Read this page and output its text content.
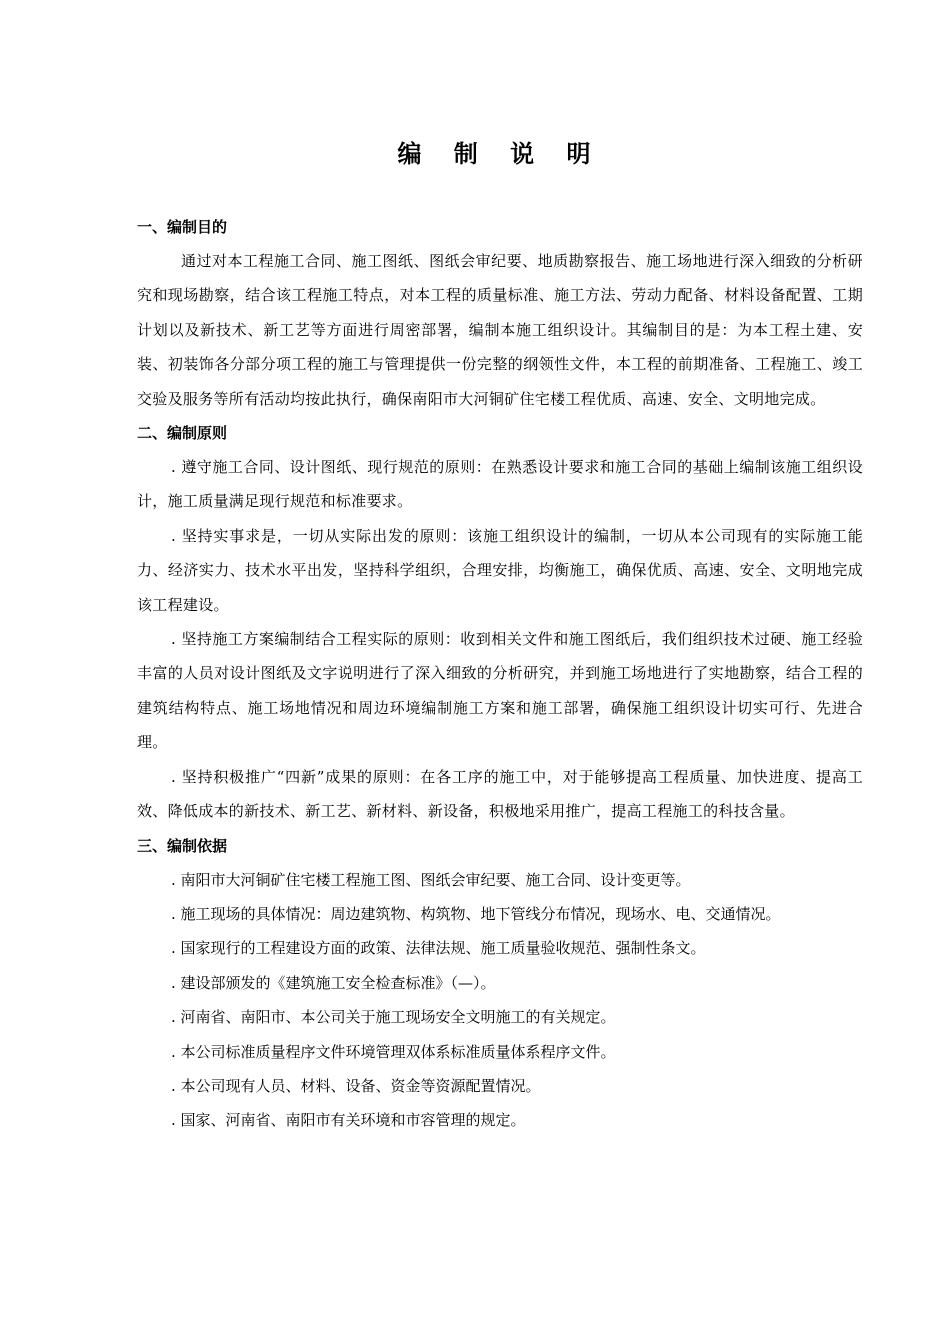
编 制 说 明
一、编制目的

通过对本工程施工合同、施工图纸、图纸会审纪要、地质勘察报告、施工场地进行深入细致的分析研究和现场勘察，结合该工程施工特点，对本工程的质量标准、施工方法、劳动力配备、材料设备配置、工期计划以及新技术、新工艺等方面进行周密部署，编制本施工组织设计。其编制目的是：为本工程土建、安装、初装饰各分部分项工程的施工与管理提供一份完整的纲领性文件，本工程的前期准备、工程施工、竣工交验及服务等所有活动均按此执行，确保南阳市大河铜矿住宅楼工程优质、高速、安全、文明地完成。

二、编制原则

. 遵守施工合同、设计图纸、现行规范的原则：在熟悉设计要求和施工合同的基础上编制该施工组织设计，施工质量满足现行规范和标准要求。

. 坚持实事求是，一切从实际出发的原则：该施工组织设计的编制，一切从本公司现有的实际施工能力、经济实力、技术水平出发，坚持科学组织，合理安排，均衡施工，确保优质、高速、安全、文明地完成该工程建设。

. 坚持施工方案编制结合工程实际的原则：收到相关文件和施工图纸后，我们组织技术过硬、施工经验丰富的人员对设计图纸及文字说明进行了深入细致的分析研究，并到施工场地进行了实地勘察，结合工程的建筑结构特点、施工场地情况和周边环境编制施工方案和施工部署，确保施工组织设计切实可行、先进合理。

. 坚持积极推广“四新”成果的原则：在各工序的施工中，对于能够提高工程质量、加快进度、提高工效、降低成本的新技术、新工艺、新材料、新设备，积极地采用推广，提高工程施工的科技含量。

三、编制依据

. 南阳市大河铜矿住宅楼工程施工图、图纸会审纪要、施工合同、设计变更等。

. 施工现场的具体情况：周边建筑物、构筑物、地下管线分布情况，现场水、电、交通情况。

. 国家现行的工程建设方面的政策、法律法规、施工质量验收规范、强制性条文。

. 建设部颁发的《建筑施工安全检查标准》（—）。

. 河南省、南阳市、本公司关于施工现场安全文明施工的有关规定。

. 本公司标准质量程序文件环境管理双体系标准质量体系程序文件。

. 本公司现有人员、材料、设备、资金等资源配置情况。

. 国家、河南省、南阳市有关环境和市容管理的规定。
